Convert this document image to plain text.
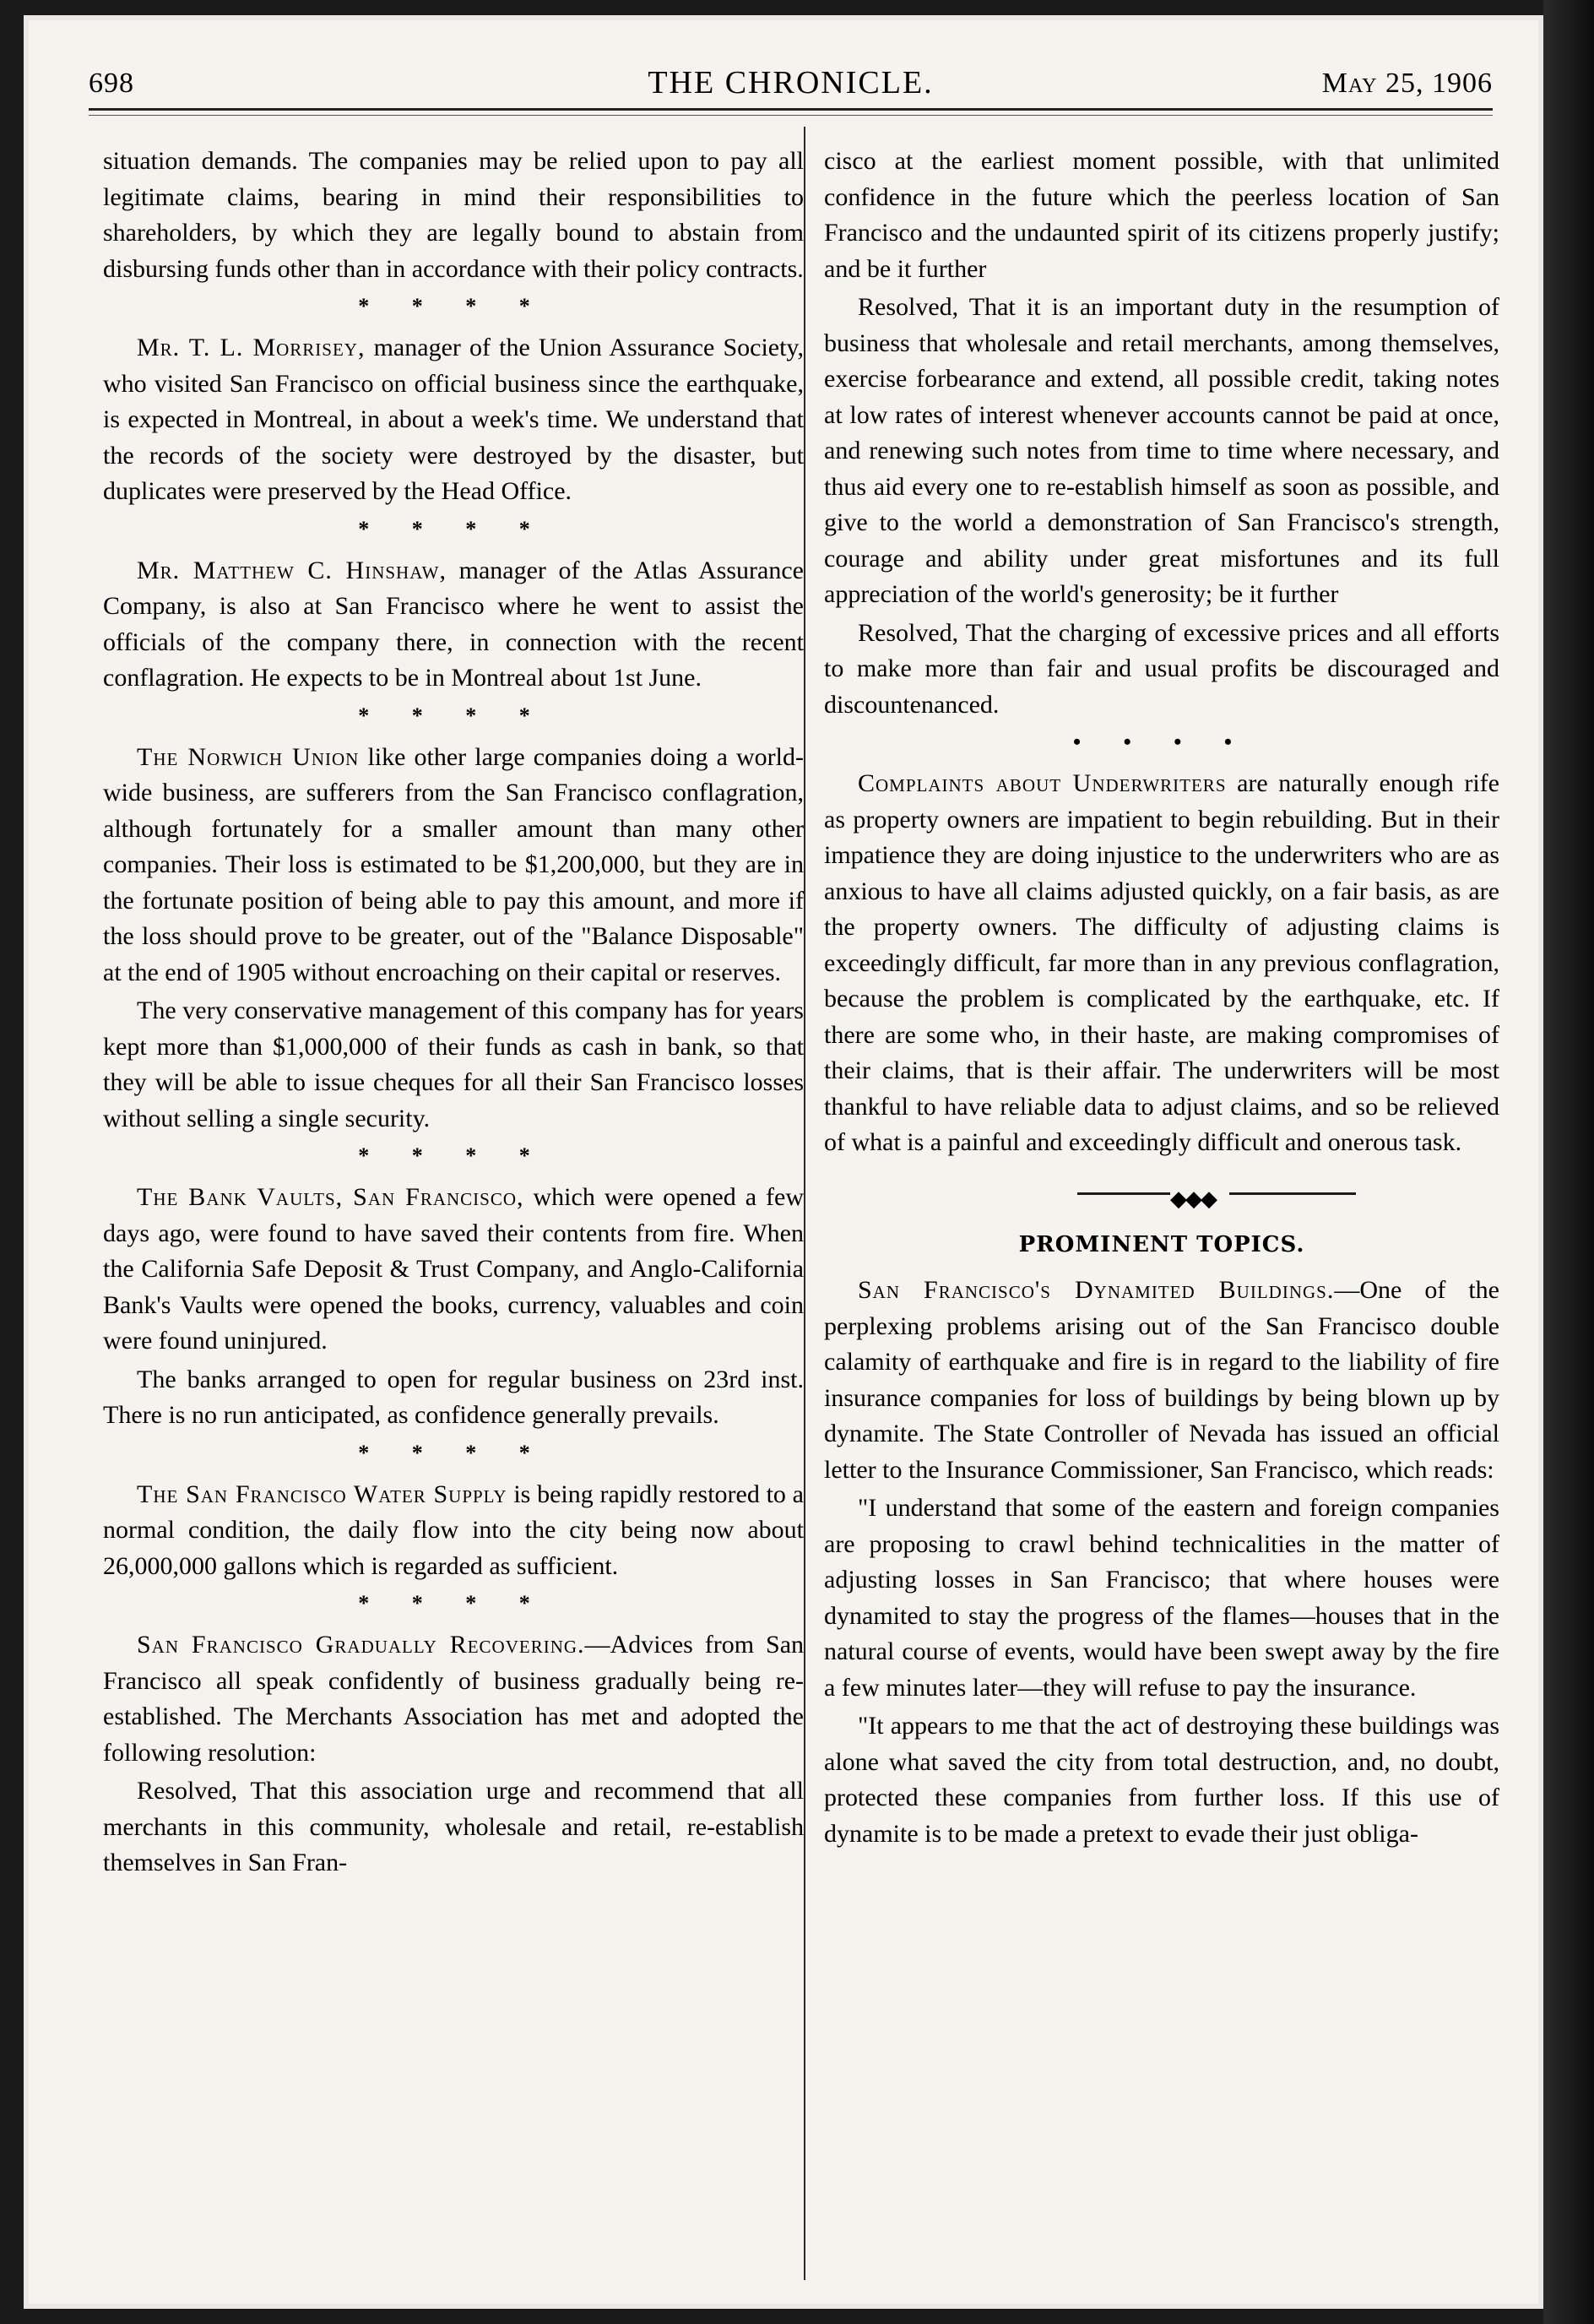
698	THE CHRONICLE.	May 25, 1906

situation demands. The companies may be relied upon to pay all legitimate claims, bearing in mind their responsibilities to shareholders, by which they are legally bound to abstain from disbursing funds other than in accordance with their policy contracts.

* * * *

Mr. T. L. Morrisey, manager of the Union Assurance Society, who visited San Francisco on official business since the earthquake, is expected in Montreal, in about a week's time. We understand that the records of the society were destroyed by the disaster, but duplicates were preserved by the Head Office.

* * * *

Mr. Matthew C. Hinshaw, manager of the Atlas Assurance Company, is also at San Francisco where he went to assist the officials of the company there, in connection with the recent conflagration. He expects to be in Montreal about 1st June.

* * * *

The Norwich Union like other large companies doing a world-wide business, are sufferers from the San Francisco conflagration, although fortunately for a smaller amount than many other companies. Their loss is estimated to be $1,200,000, but they are in the fortunate position of being able to pay this amount, and more if the loss should prove to be greater, out of the "Balance Disposable" at the end of 1905 without encroaching on their capital or reserves.

The very conservative management of this company has for years kept more than $1,000,000 of their funds as cash in bank, so that they will be able to issue cheques for all their San Francisco losses without selling a single security.

* * * *

The Bank Vaults, San Francisco, which were opened a few days ago, were found to have saved their contents from fire. When the California Safe Deposit & Trust Company, and Anglo-California Bank's Vaults were opened the books, currency, valuables and coin were found uninjured.

The banks arranged to open for regular business on 23rd inst. There is no run anticipated, as confidence generally prevails.

* * * *

The San Francisco Water Supply is being rapidly restored to a normal condition, the daily flow into the city being now about 26,000,000 gallons which is regarded as sufficient.

* * * *

San Francisco Gradually Recovering.—Advices from San Francisco all speak confidently of business gradually being re-established. The Merchants Association has met and adopted the following resolution:

Resolved, That this association urge and recommend that all merchants in this community, wholesale and retail, re-establish themselves in San Fran-

cisco at the earliest moment possible, with that unlimited confidence in the future which the peerless location of San Francisco and the undaunted spirit of its citizens properly justify; and be it further

Resolved, That it is an important duty in the resumption of business that wholesale and retail merchants, among themselves, exercise forbearance and extend, all possible credit, taking notes at low rates of interest whenever accounts cannot be paid at once, and renewing such notes from time to time where necessary, and thus aid every one to re-establish himself as soon as possible, and give to the world a demonstration of San Francisco's strength, courage and ability under great misfortunes and its full appreciation of the world's generosity; be it further

Resolved, That the charging of excessive prices and all efforts to make more than fair and usual profits be discouraged and discountenanced.

• • • •

Complaints about Underwriters are naturally enough rife as property owners are impatient to begin rebuilding. But in their impatience they are doing injustice to the underwriters who are as anxious to have all claims adjusted quickly, on a fair basis, as are the property owners. The difficulty of adjusting claims is exceedingly difficult, far more than in any previous conflagration, because the problem is complicated by the earthquake, etc. If there are some who, in their haste, are making compromises of their claims, that is their affair. The underwriters will be most thankful to have reliable data to adjust claims, and so be relieved of what is a painful and exceedingly difficult and onerous task.

◆◆◆
PROMINENT TOPICS.

San Francisco's Dynamited Buildings.—One of the perplexing problems arising out of the San Francisco double calamity of earthquake and fire is in regard to the liability of fire insurance companies for loss of buildings by being blown up by dynamite. The State Controller of Nevada has issued an official letter to the Insurance Commissioner, San Francisco, which reads:

"I understand that some of the eastern and foreign companies are proposing to crawl behind technicalities in the matter of adjusting losses in San Francisco; that where houses were dynamited to stay the progress of the flames—houses that in the natural course of events, would have been swept away by the fire a few minutes later—they will refuse to pay the insurance.

"It appears to me that the act of destroying these buildings was alone what saved the city from total destruction, and, no doubt, protected these companies from further loss. If this use of dynamite is to be made a pretext to evade their just obliga-
